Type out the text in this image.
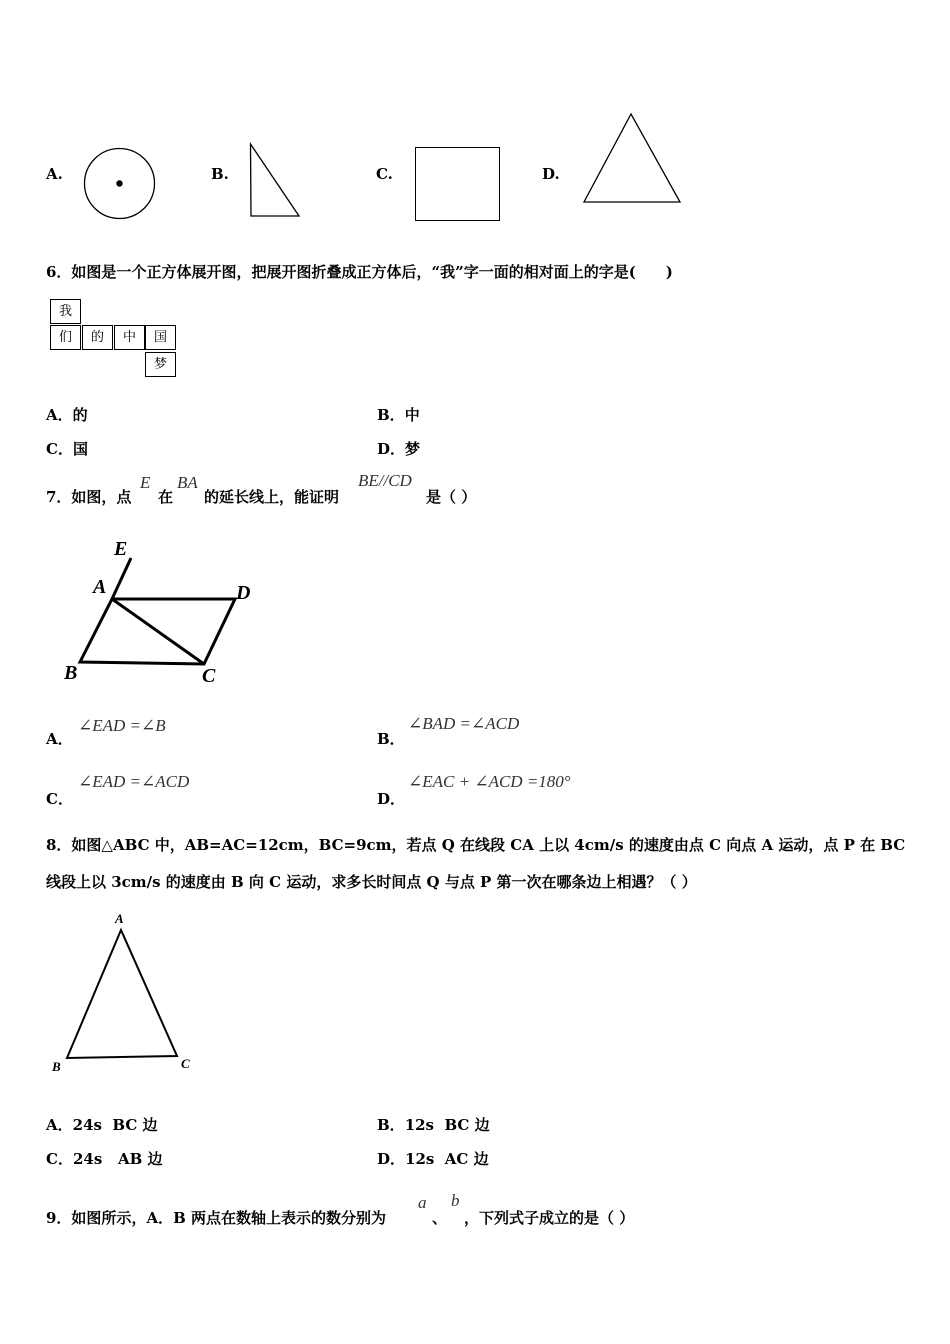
A.	B.	C.	D.
6．如图是一个正方体展开图，把展开图折叠成正方体后，“我”字一面的相对面上的字是(　　)
我
们	的	中	国
梦
A．的	B．中
C．国	D．梦
7．如图，点
E
在
BA
的延长线上，能证明
BE//CD
是（ ）
E
A	D
B	C
A．
∠EAD =∠B
B．
∠BAD =∠ACD
C．
∠EAD =∠ACD
D．
∠EAC + ∠ACD =180°
8．如图△ABC 中，AB=AC=12cm，BC=9cm，若点 Q 在线段 CA 上以 4cm/s 的速度由点 C 向点 A 运动，点 P 在 BC
线段上以 3cm/s 的速度由 B 向 C 运动，求多长时间点 Q 与点 P 第一次在哪条边上相遇？（ ）
A
B	C
A．24s  BC 边	B．12s  BC 边
C．24s   AB 边	D．12s  AC 边
9．如图所示，A．B 两点在数轴上表示的数分别为
a
、
b
，下列式子成立的是（ ）
